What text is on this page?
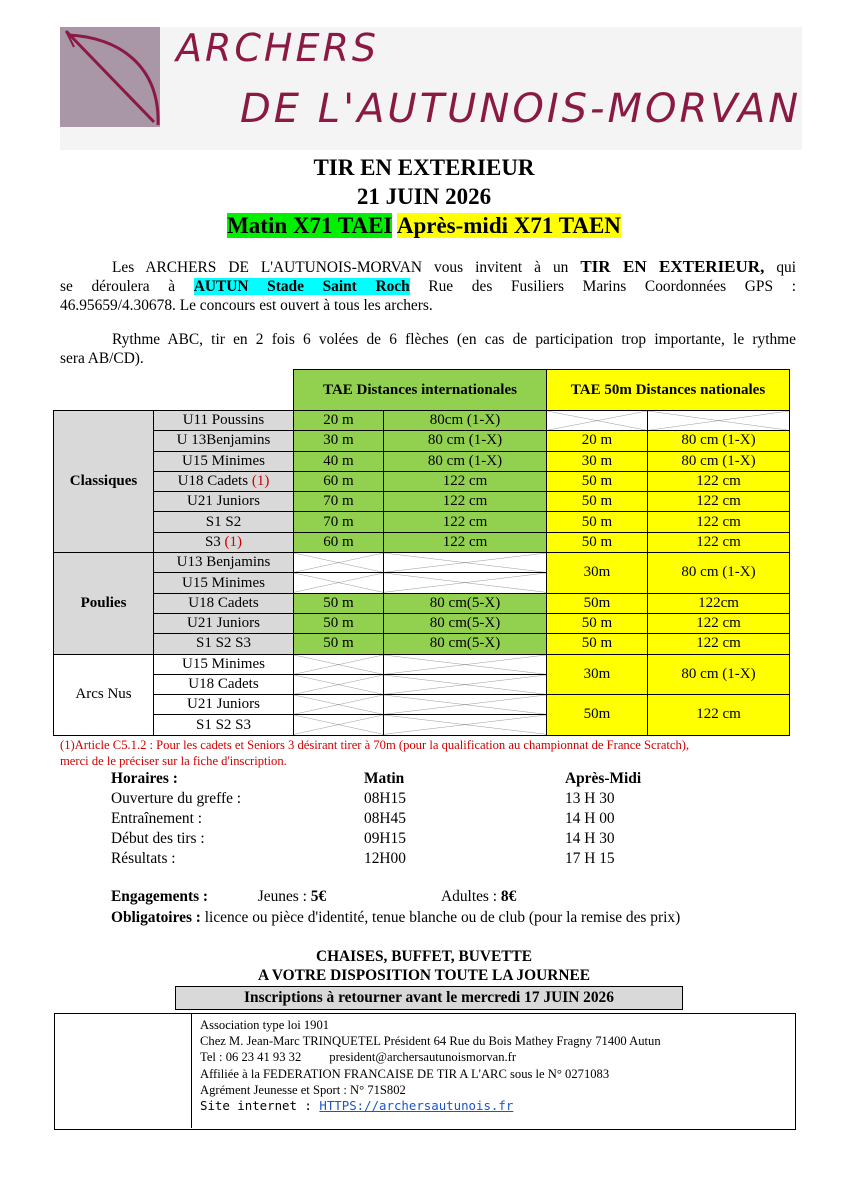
ARCHERS
DE L'AUTUNOIS-MORVAN
TIR EN EXTERIEUR
21 JUIN 2026
Matin X71 TAEI Après-midi X71 TAEN
Les ARCHERS DE L'AUTUNOIS-MORVAN vous invitent à un TIR EN EXTERIEUR, qui
se déroulera à AUTUN Stade Saint Roch Rue des Fusiliers Marins Coordonnées GPS :
46.95659/4.30678. Le concours est ouvert à tous les archers.
Rythme ABC, tir en 2 fois 6 volées de 6 flèches (en cas de participation trop importante, le rythme
sera AB/CD).
		TAE Distances internationales		TAE 50m Distances nationales	
Classiques	U11 Poussins	20 m	80cm (1-X)	

	U 13Benjamins	30 m	80 cm (1-X)	20 m	80 cm (1-X)
	U15 Minimes	40 m	80 cm (1-X)	30 m	80 cm (1-X)
	U18 Cadets (1)	60 m	122 cm	50 m	122 cm
	U21 Juniors	70 m	122 cm	50 m	122 cm
	S1 S2	70 m	122 cm	50 m	122 cm
	S3 (1)	60 m	122 cm	50 m	122 cm
Poulies	U13 Benjamins			30m	80 cm (1-X)
	U15 Minimes	

	U18 Cadets	50 m	80 cm(5-X)	50m	122cm
	U21 Juniors	50 m	80 cm(5-X)	50 m	122 cm
	S1 S2 S3	50 m	80 cm(5-X)	50 m	122 cm
Arcs Nus	U15 Minimes			30m	80 cm (1-X)
	U18 Cadets	

	U21 Juniors			50m	122 cm
	S1 S2 S3	

(1)Article C5.1.2 : Pour les cadets et Seniors 3 désirant tirer à 70m (pour la qualification au championnat de France Scratch),
merci de le préciser sur la fiche d'inscription.
Horaires :	Matin	Après-Midi
Ouverture du greffe :	08H15	13 H 30
Entraînement :	08H45	14 H 00
Début des tirs :	09H15	14 H 30
Résultats :	12H00	17 H 15
Engagements :	Jeunes : 5€	Adultes : 8€
Obligatoires : licence ou pièce d'identité, tenue blanche ou de club (pour la remise des prix)
CHAISES, BUFFET, BUVETTE
A VOTRE DISPOSITION TOUTE LA JOURNEE
Inscriptions à retourner avant le mercredi 17 JUIN 2026
Association type loi 1901
Chez M. Jean-Marc TRINQUETEL Président 64 Rue du Bois Mathey Fragny 71400 Autun
Tel : 06 23 41 93 32 president@archersautunoismorvan.fr
Affiliée à la FEDERATION FRANCAISE DE TIR A L'ARC sous le N° 0271083
Agrément Jeunesse et Sport : N° 71S802
Site internet : HTTPS://archersautunois.fr
